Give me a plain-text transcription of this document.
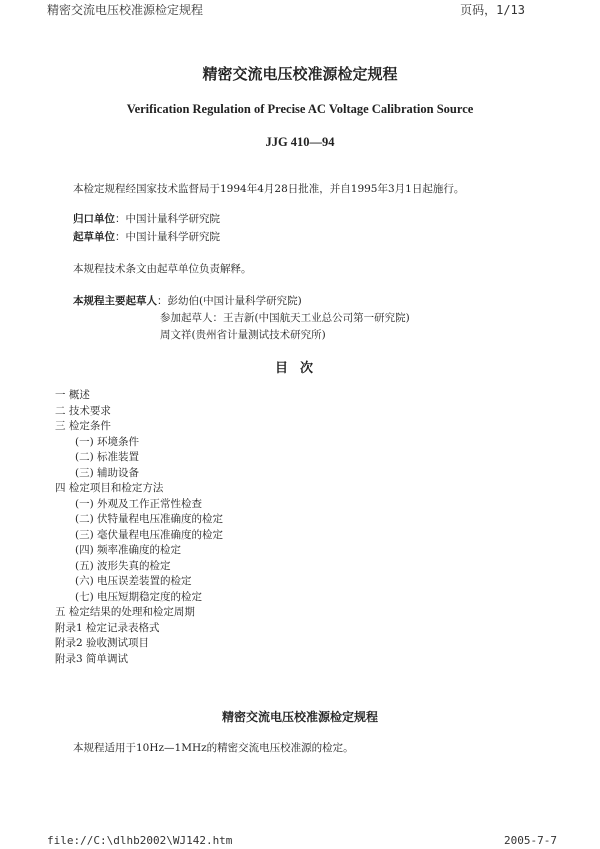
精密交流电压校准源检定规程	页码，1/13
精密交流电压校准源检定规程
Verification Regulation of Precise AC Voltage Calibration Source
JJG 410—94
本检定规程经国家技术监督局于1994年4月28日批准，并自1995年3月1日起施行。
归口单位：中国计量科学研究院
起草单位：中国计量科学研究院
本规程技术条文由起草单位负责解释。
本规程主要起草人：彭幼伯(中国计量科学研究院)
参加起草人：王吉新(中国航天工业总公司第一研究院)
周文祥(贵州省计量测试技术研究所)
目次
一 概述
二 技术要求
三 检定条件
(一) 环境条件
(二) 标准装置
(三) 辅助设备
四 检定项目和检定方法
(一) 外观及工作正常性检查
(二) 伏特量程电压准确度的检定
(三) 毫伏量程电压准确度的检定
(四) 频率准确度的检定
(五) 波形失真的检定
(六) 电压误差装置的检定
(七) 电压短期稳定度的检定
五 检定结果的处理和检定周期
附录1 检定记录表格式
附录2 验收测试项目
附录3 简单调试
精密交流电压校准源检定规程
本规程适用于10Hz—1MHz的精密交流电压校准源的检定。
file://C:\dlhb2002\WJ142.htm	2005-7-7
